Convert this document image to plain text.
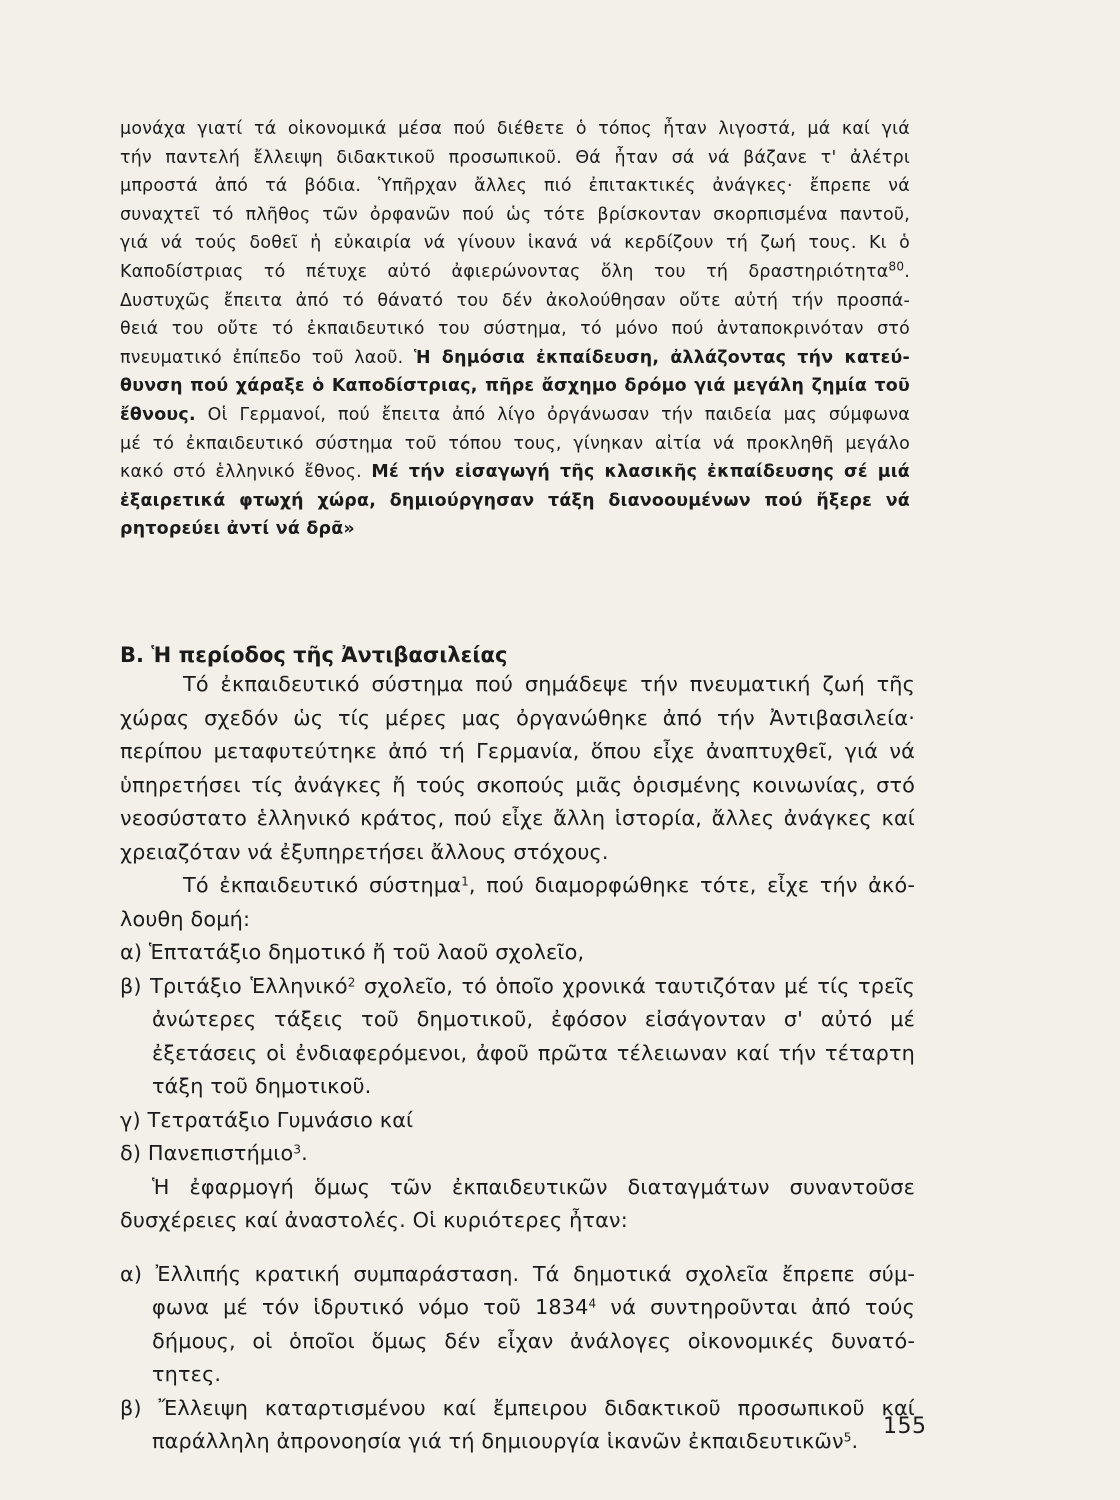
μονάχα γιατί τά οἰκονομικά μέσα πού διέθετε ὁ τόπος ἦταν λιγοστά, μά καί γιά
τήν παντελή ἔλλειψη διδακτικοῦ προσωπικοῦ. Θά ἦταν σά νά βάζανε τ' ἀλέτρι
μπροστά ἀπό τά βόδια. Ὑπῆρχαν ἄλλες πιό ἐπιτακτικές ἀνάγκες· ἔπρεπε νά
συναχτεῖ τό πλῆθος τῶν ὀρφανῶν πού ὡς τότε βρίσκονταν σκορπισμένα παντοῦ,
γιά νά τούς δοθεῖ ἡ εὐκαιρία νά γίνουν ἱκανά νά κερδίζουν τή ζωή τους. Κι ὁ
Καποδίστριας τό πέτυχε αὐτό ἀφιερώνοντας ὅλη του τή δραστηριότητα$^{80}$.
Δυστυχῶς ἔπειτα ἀπό τό θάνατό του δέν ἀκολούθησαν οὔτε αὐτή τήν προσπά-
θειά του οὔτε τό ἐκπαιδευτικό του σύστημα, τό μόνο πού ἀνταποκρινόταν στό
πνευματικό ἐπίπεδο τοῦ λαοῦ. Ἡ δημόσια ἐκπαίδευση, ἀλλάζοντας τήν κατεύ-
θυνση πού χάραξε ὁ Καποδίστριας, πῆρε ἄσχημο δρόμο γιά μεγάλη ζημία τοῦ
ἔθνους. Οἱ Γερμανοί, πού ἔπειτα ἀπό λίγο ὀργάνωσαν τήν παιδεία μας σύμφωνα
μέ τό ἐκπαιδευτικό σύστημα τοῦ τόπου τους, γίνηκαν αἰτία νά προκληθῆ μεγάλο
κακό στό ἑλληνικό ἔθνος. Μέ τήν εἰσαγωγή τῆς κλασικῆς ἐκπαίδευσης σέ μιά
ἐξαιρετικά φτωχή χώρα, δημιούργησαν τάξη διανοουμένων πού ἤξερε νά
ρητορεύει ἀντί νά δρᾶ»
Β. Ἡ περίοδος τῆς Ἀντιβασιλείας
Τό ἐκπαιδευτικό σύστημα πού σημάδεψε τήν πνευματική ζωή τῆς
χώρας σχεδόν ὡς τίς μέρες μας ὀργανώθηκε ἀπό τήν Ἀντιβασιλεία·
περίπου μεταφυτεύτηκε ἀπό τή Γερμανία, ὅπου εἶχε ἀναπτυχθεῖ, γιά νά
ὑπηρετήσει τίς ἀνάγκες ἤ τούς σκοπούς μιᾶς ὁρισμένης κοινωνίας, στό
νεοσύστατο ἑλληνικό κράτος, πού εἶχε ἄλλη ἱστορία, ἄλλες ἀνάγκες καί
χρειαζόταν νά ἐξυπηρετήσει ἄλλους στόχους.
Τό ἐκπαιδευτικό σύστημα$^1$, πού διαμορφώθηκε τότε, εἶχε τήν ἀκό-
λουθη δομή:
α) Ἑπτατάξιο δημοτικό ἤ τοῦ λαοῦ σχολεῖο,
β) Τριτάξιο Ἑλληνικό$^2$ σχολεῖο, τό ὁποῖο χρονικά ταυτιζόταν μέ τίς τρεῖς
ἀνώτερες τάξεις τοῦ δημοτικοῦ, ἐφόσον εἰσάγονταν σ' αὐτό μέ
ἐξετάσεις οἱ ἐνδιαφερόμενοι, ἀφοῦ πρῶτα τέλειωναν καί τήν τέταρτη
τάξη τοῦ δημοτικοῦ.
γ) Τετρατάξιο Γυμνάσιο καί
δ) Πανεπιστήμιο$^3$.
Ἡ ἐφαρμογή ὅμως τῶν ἐκπαιδευτικῶν διαταγμάτων συναντοῦσε
δυσχέρειες καί ἀναστολές. Οἱ κυριότερες ἦταν:
α) Ἐλλιπής κρατική συμπαράσταση. Τά δημοτικά σχολεῖα ἔπρεπε σύμ-
φωνα μέ τόν ἱδρυτικό νόμο τοῦ 1834$^4$ νά συντηροῦνται ἀπό τούς
δήμους, οἱ ὁποῖοι ὅμως δέν εἶχαν ἀνάλογες οἰκονομικές δυνατό-
τητες.
β) Ἔλλειψη καταρτισμένου καί ἔμπειρου διδακτικοῦ προσωπικοῦ καί
παράλληλη ἀπρονοησία γιά τή δημιουργία ἱκανῶν ἐκπαιδευτικῶν$^5$.
155
